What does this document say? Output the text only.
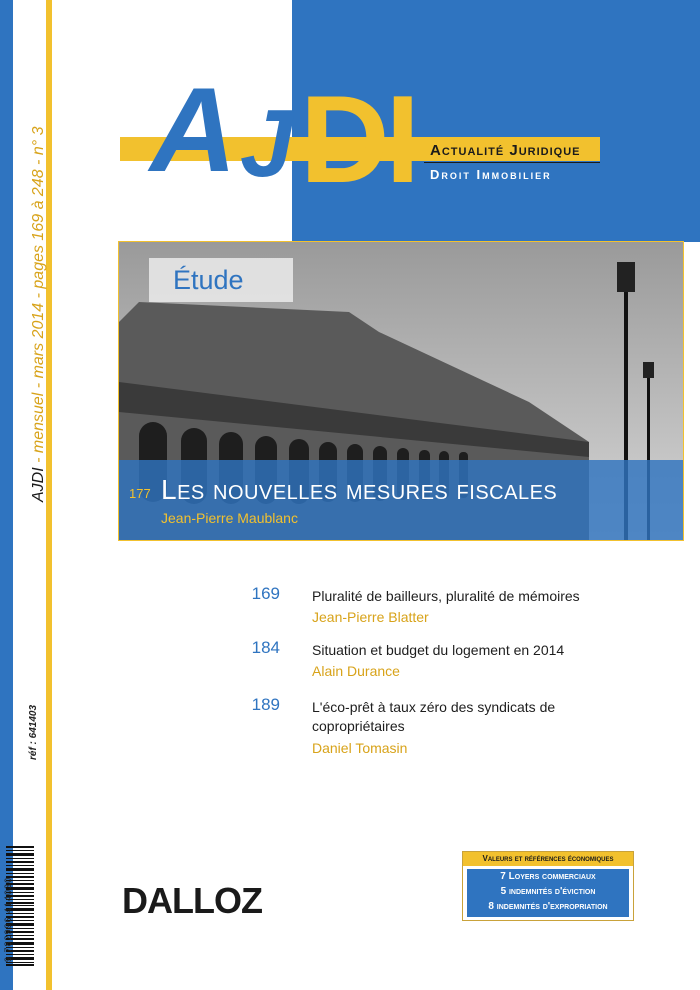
AJDI - mensuel - mars 2014 - pages 169 à 248 - n° 3
réf : 641403
9 782996 414030
A J DI Actualité Juridique
Droit Immobilier
Étude
177 Les nouvelles mesures fiscales
Jean-Pierre Maublanc
169 Pluralité de bailleurs, pluralité de mémoires
Jean-Pierre Blatter
184 Situation et budget du logement en 2014
Alain Durance
189 L'éco-prêt à taux zéro des syndicats de copropriétaires
Daniel Tomasin
DALLOZ
Valeurs et références économiques
7 Loyers commerciaux
5 indemnités d'éviction
8 indemnités d'expropriation
